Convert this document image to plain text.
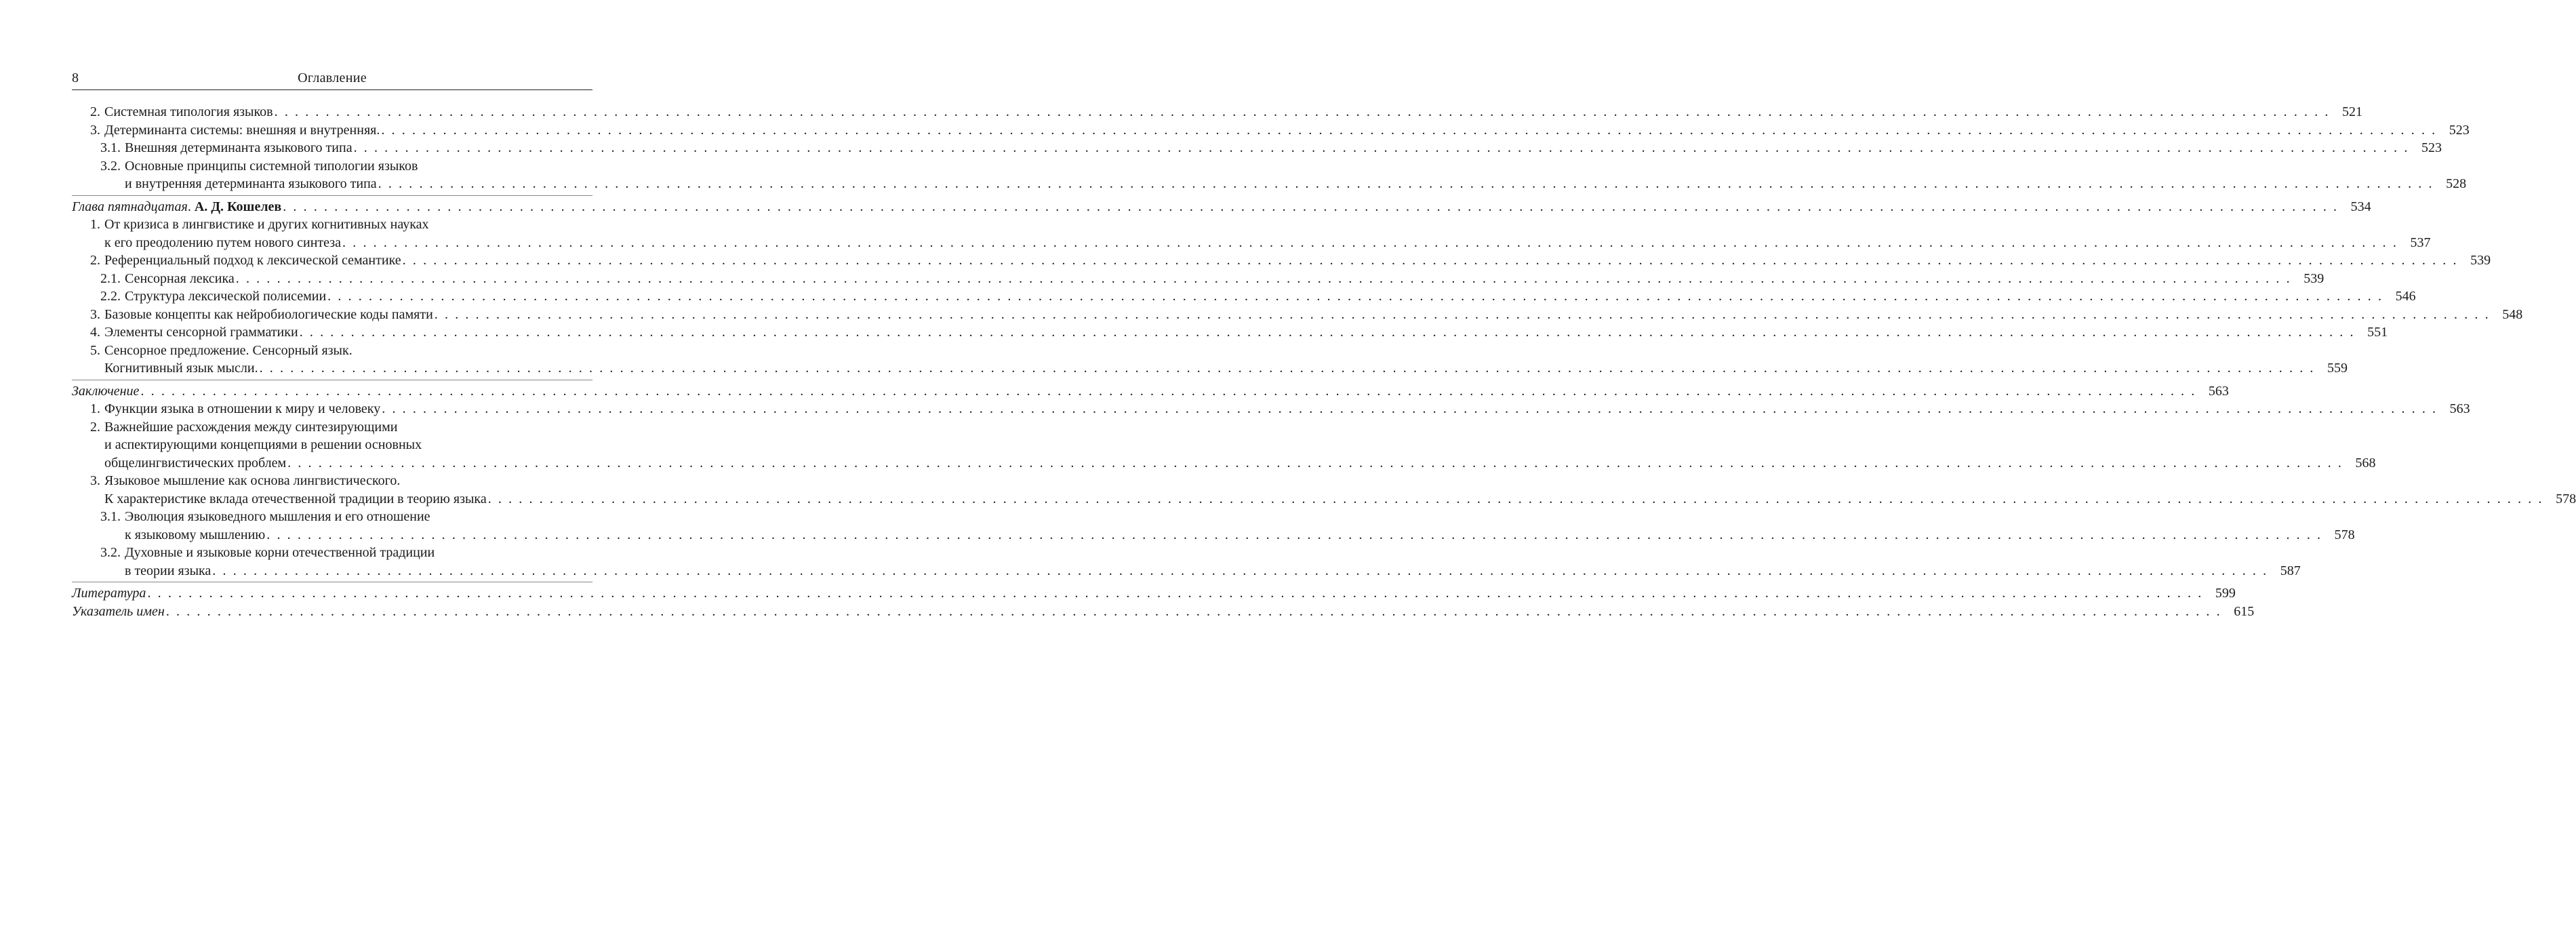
8	Оглавление
2. Системная типология языков . . . . . . . . . . . . . . . . . . . . . . . . . . . . . . . . . . . . . . . . . . . . . . . . . . . . . . . . . . . . . . . . . . . . . . . . . . . . . . . . . . . . . . . . . . . . . . . . . . . . . . . . . . . . . . . . . . . . . . . . . . . . . . . . . . . . . . . . . . . . . . . . . . . . . . . . . . . . . . . . . . . . . . . . . . . . . . . . . . . . . . . . . . . . . . . . . . . . . . . . 521
3. Детерминанта системы: внешняя и внутренняя. . . . . . . . . . . . . . . . . . . . . . . . . . . . . . . . . . . . . . . . . . . . . . . . . . . . . . . . . . . . . . . . . . . . . . . . . . . . . . . . . . . . . . . . . . . . . . . . . . . . . . . . . . . . . . . . . . . . . . . . . . . . . . . . . . . . . . . . . . . . . . . . . . . . . . . . . . . . . . . . . . . . . . . . . . . . . . . . . . . . . . . . . . . . . . . . . . . . . . . . . 523
3.1. Внешняя детерминанта языкового типа . . . . . . . . . . . . . . . . . . . . . . . . . . . . . . . . . . . . . . . . . . . . . . . . . . . . . . . . . . . . . . . . . . . . . . . . . . . . . . . . . . . . . . . . . . . . . . . . . . . . . . . . . . . . . . . . . . . . . . . . . . . . . . . . . . . . . . . . . . . . . . . . . . . . . . . . . . . . . . . . . . . . . . . . . . . . . . . . . . . . . . . . . . . . . . . . . . . . . . . . 523
3.2. Основные принципы системной типологии языков
и внутренняя детерминанта языкового типа . . . . . . . . . . . . . . . . . . . . . . . . . . . . . . . . . . . . . . . . . . . . . . . . . . . . . . . . . . . . . . . . . . . . . . . . . . . . . . . . . . . . . . . . . . . . . . . . . . . . . . . . . . . . . . . . . . . . . . . . . . . . . . . . . . . . . . . . . . . . . . . . . . . . . . . . . . . . . . . . . . . . . . . . . . . . . . . . . . . . . . . . . . . . . . . . . . . . . . . . 528
Глава пятнадцатая. А. Д. Кошелев . . . . . . . . . . . . . . . . . . . . . . . . . . . . . . . . . . . . . . . . . . . . . . . . . . . . . . . . . . . . . . . . . . . . . . . . . . . . . . . . . . . . . . . . . . . . . . . . . . . . . . . . . . . . . . . . . . . . . . . . . . . . . . . . . . . . . . . . . . . . . . . . . . . . . . . . . . . . . . . . . . . . . . . . . . . . . . . . . . . . . . . . . . . . . . . . . . . . . . . . 534
1. От кризиса в лингвистике и других когнитивных науках
к его преодолению путем нового синтеза . . . . . . . . . . . . . . . . . . . . . . . . . . . . . . . . . . . . . . . . . . . . . . . . . . . . . . . . . . . . . . . . . . . . . . . . . . . . . . . . . . . . . . . . . . . . . . . . . . . . . . . . . . . . . . . . . . . . . . . . . . . . . . . . . . . . . . . . . . . . . . . . . . . . . . . . . . . . . . . . . . . . . . . . . . . . . . . . . . . . . . . . . . . . . . . . . . . . . . . . 537
2. Референциальный подход к лексической семантике . . . . . . . . . . . . . . . . . . . . . . . . . . . . . . . . . . . . . . . . . . . . . . . . . . . . . . . . . . . . . . . . . . . . . . . . . . . . . . . . . . . . . . . . . . . . . . . . . . . . . . . . . . . . . . . . . . . . . . . . . . . . . . . . . . . . . . . . . . . . . . . . . . . . . . . . . . . . . . . . . . . . . . . . . . . . . . . . . . . . . . . . . . . . . . . . . . . . . . . . 539
2.1. Сенсорная лексика . . . . . . . . . . . . . . . . . . . . . . . . . . . . . . . . . . . . . . . . . . . . . . . . . . . . . . . . . . . . . . . . . . . . . . . . . . . . . . . . . . . . . . . . . . . . . . . . . . . . . . . . . . . . . . . . . . . . . . . . . . . . . . . . . . . . . . . . . . . . . . . . . . . . . . . . . . . . . . . . . . . . . . . . . . . . . . . . . . . . . . . . . . . . . . . . . . . . . . . . 539
2.2. Структура лексической полисемии . . . . . . . . . . . . . . . . . . . . . . . . . . . . . . . . . . . . . . . . . . . . . . . . . . . . . . . . . . . . . . . . . . . . . . . . . . . . . . . . . . . . . . . . . . . . . . . . . . . . . . . . . . . . . . . . . . . . . . . . . . . . . . . . . . . . . . . . . . . . . . . . . . . . . . . . . . . . . . . . . . . . . . . . . . . . . . . . . . . . . . . . . . . . . . . . . . . . . . . . 546
3. Базовые концепты как нейробиологические коды памяти . . . . . . . . . . . . . . . . . . . . . . . . . . . . . . . . . . . . . . . . . . . . . . . . . . . . . . . . . . . . . . . . . . . . . . . . . . . . . . . . . . . . . . . . . . . . . . . . . . . . . . . . . . . . . . . . . . . . . . . . . . . . . . . . . . . . . . . . . . . . . . . . . . . . . . . . . . . . . . . . . . . . . . . . . . . . . . . . . . . . . . . . . . . . . . . . . . . . . . . . 548
4. Элементы сенсорной грамматики . . . . . . . . . . . . . . . . . . . . . . . . . . . . . . . . . . . . . . . . . . . . . . . . . . . . . . . . . . . . . . . . . . . . . . . . . . . . . . . . . . . . . . . . . . . . . . . . . . . . . . . . . . . . . . . . . . . . . . . . . . . . . . . . . . . . . . . . . . . . . . . . . . . . . . . . . . . . . . . . . . . . . . . . . . . . . . . . . . . . . . . . . . . . . . . . . . . . . . . . 551
5. Сенсорное предложение. Сенсорный язык.
Когнитивный язык мысли. . . . . . . . . . . . . . . . . . . . . . . . . . . . . . . . . . . . . . . . . . . . . . . . . . . . . . . . . . . . . . . . . . . . . . . . . . . . . . . . . . . . . . . . . . . . . . . . . . . . . . . . . . . . . . . . . . . . . . . . . . . . . . . . . . . . . . . . . . . . . . . . . . . . . . . . . . . . . . . . . . . . . . . . . . . . . . . . . . . . . . . . . . . . . . . . . . . . . . . . . 559
Заключение . . . . . . . . . . . . . . . . . . . . . . . . . . . . . . . . . . . . . . . . . . . . . . . . . . . . . . . . . . . . . . . . . . . . . . . . . . . . . . . . . . . . . . . . . . . . . . . . . . . . . . . . . . . . . . . . . . . . . . . . . . . . . . . . . . . . . . . . . . . . . . . . . . . . . . . . . . . . . . . . . . . . . . . . . . . . . . . . . . . . . . . . . . . . . . . . . . . . . . . . 563
1. Функции языка в отношении к миру и человеку . . . . . . . . . . . . . . . . . . . . . . . . . . . . . . . . . . . . . . . . . . . . . . . . . . . . . . . . . . . . . . . . . . . . . . . . . . . . . . . . . . . . . . . . . . . . . . . . . . . . . . . . . . . . . . . . . . . . . . . . . . . . . . . . . . . . . . . . . . . . . . . . . . . . . . . . . . . . . . . . . . . . . . . . . . . . . . . . . . . . . . . . . . . . . . . . . . . . . . . . 563
2. Важнейшие расхождения между синтезирующими
и аспектирующими концепциями в решении основных
общелингвистических проблем . . . . . . . . . . . . . . . . . . . . . . . . . . . . . . . . . . . . . . . . . . . . . . . . . . . . . . . . . . . . . . . . . . . . . . . . . . . . . . . . . . . . . . . . . . . . . . . . . . . . . . . . . . . . . . . . . . . . . . . . . . . . . . . . . . . . . . . . . . . . . . . . . . . . . . . . . . . . . . . . . . . . . . . . . . . . . . . . . . . . . . . . . . . . . . . . . . . . . . . . 568
3. Языковое мышление как основа лингвистического.
К характеристике вклада отечественной традиции в теорию языка . . . . . . . . . . . . . . . . . . . . . . . . . . . . . . . . . . . . . . . . . . . . . . . . . . . . . . . . . . . . . . . . . . . . . . . . . . . . . . . . . . . . . . . . . . . . . . . . . . . . . . . . . . . . . . . . . . . . . . . . . . . . . . . . . . . . . . . . . . . . . . . . . . . . . . . . . . . . . . . . . . . . . . . . . . . . . . . . . . . . . . . . . . . . . . . . . . . . . . . . 578
3.1. Эволюция языковедного мышления и его отношение
к языковому мышлению . . . . . . . . . . . . . . . . . . . . . . . . . . . . . . . . . . . . . . . . . . . . . . . . . . . . . . . . . . . . . . . . . . . . . . . . . . . . . . . . . . . . . . . . . . . . . . . . . . . . . . . . . . . . . . . . . . . . . . . . . . . . . . . . . . . . . . . . . . . . . . . . . . . . . . . . . . . . . . . . . . . . . . . . . . . . . . . . . . . . . . . . . . . . . . . . . . . . . . . . 578
3.2. Духовные и языковые корни отечественной традиции
в теории языка . . . . . . . . . . . . . . . . . . . . . . . . . . . . . . . . . . . . . . . . . . . . . . . . . . . . . . . . . . . . . . . . . . . . . . . . . . . . . . . . . . . . . . . . . . . . . . . . . . . . . . . . . . . . . . . . . . . . . . . . . . . . . . . . . . . . . . . . . . . . . . . . . . . . . . . . . . . . . . . . . . . . . . . . . . . . . . . . . . . . . . . . . . . . . . . . . . . . . . . . 587
Литература . . . . . . . . . . . . . . . . . . . . . . . . . . . . . . . . . . . . . . . . . . . . . . . . . . . . . . . . . . . . . . . . . . . . . . . . . . . . . . . . . . . . . . . . . . . . . . . . . . . . . . . . . . . . . . . . . . . . . . . . . . . . . . . . . . . . . . . . . . . . . . . . . . . . . . . . . . . . . . . . . . . . . . . . . . . . . . . . . . . . . . . . . . . . . . . . . . . . . . . . 599
Указатель имен . . . . . . . . . . . . . . . . . . . . . . . . . . . . . . . . . . . . . . . . . . . . . . . . . . . . . . . . . . . . . . . . . . . . . . . . . . . . . . . . . . . . . . . . . . . . . . . . . . . . . . . . . . . . . . . . . . . . . . . . . . . . . . . . . . . . . . . . . . . . . . . . . . . . . . . . . . . . . . . . . . . . . . . . . . . . . . . . . . . . . . . . . . . . . . . . . . . . . . . . 615
